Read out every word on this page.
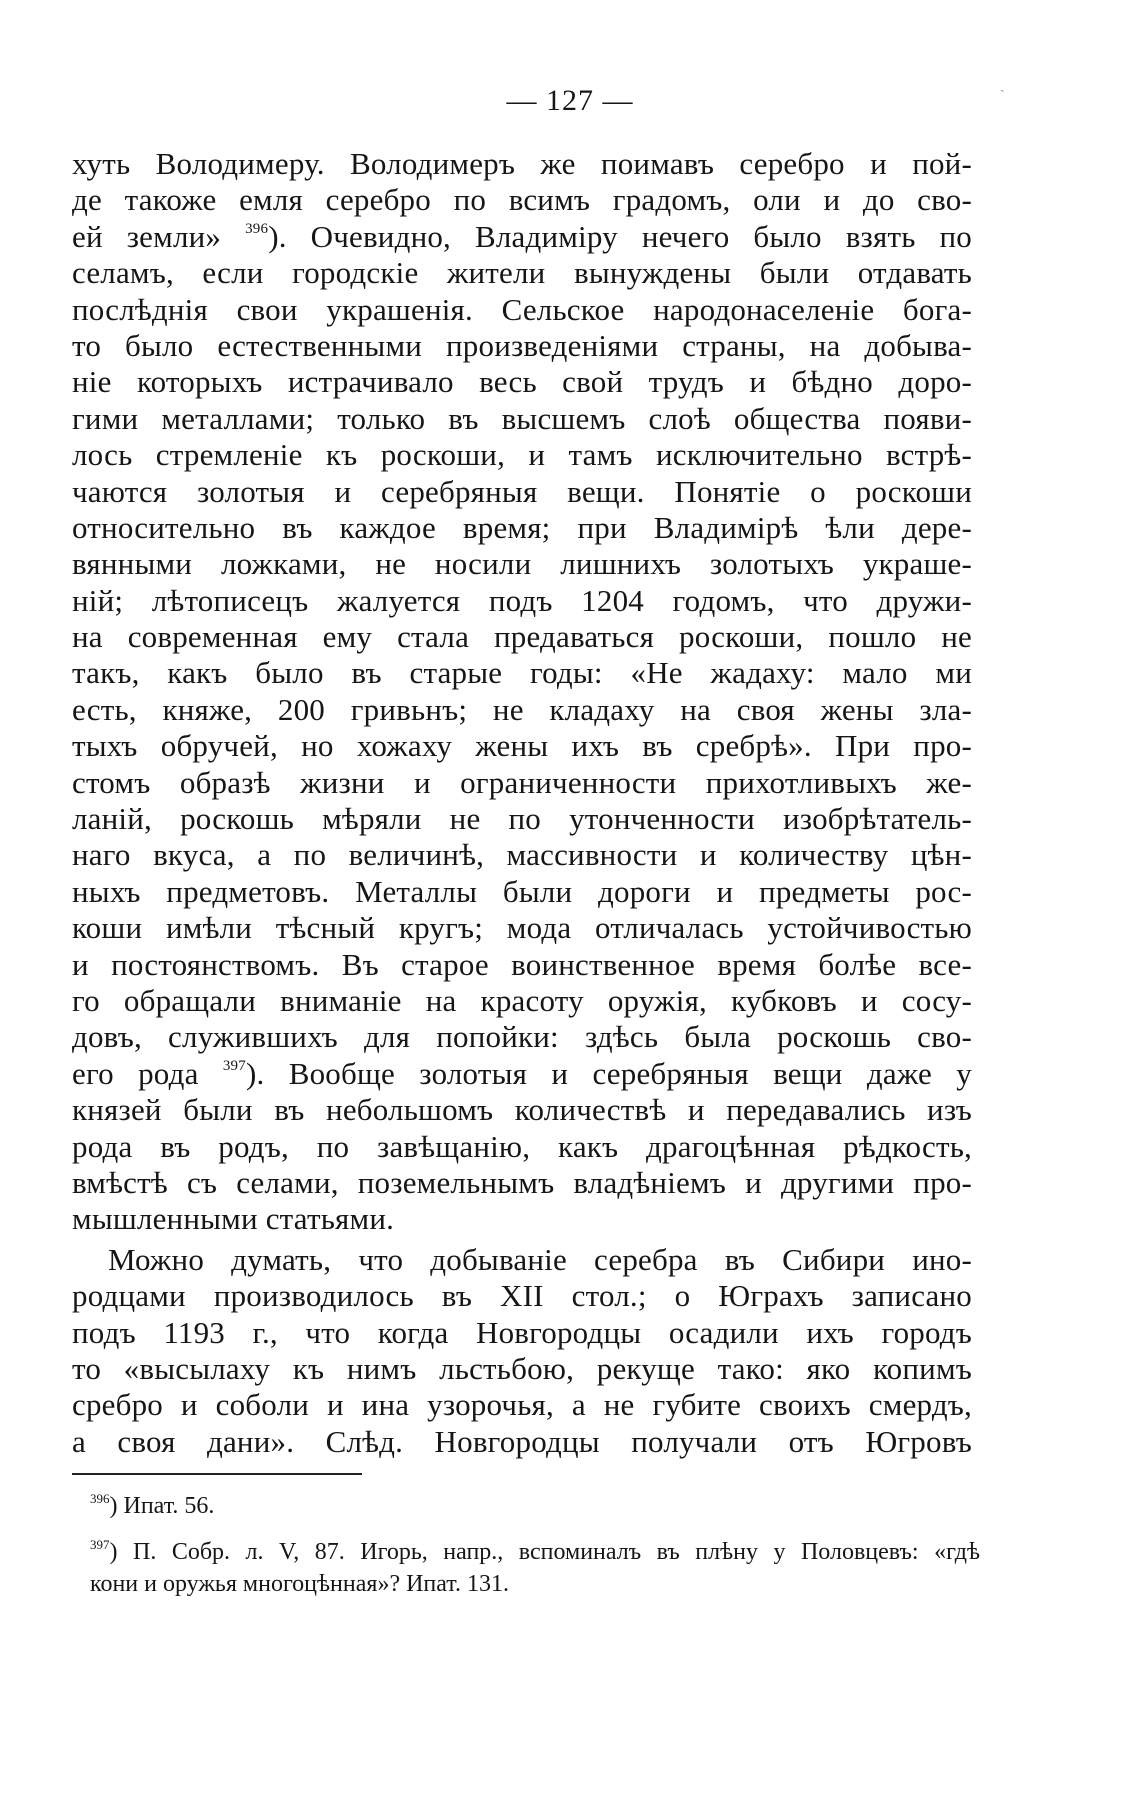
— 127 —
хуть Володимеру. Володимеръ же поимавъ серебро и пой-
де такоже емля серебро по всимъ градомъ, оли и до сво-
ей земли» $^{396}$). Очевидно, Владиміру нечего было взять по
селамъ, если городскіе жители вынуждены были отдавать
послѣднія свои украшенія. Сельское народонаселеніе бога-
то было естественными произведеніями страны, на добыва-
ніе которыхъ истрачивало весь свой трудъ и бѣдно доро-
гими металлами; только въ высшемъ слоѣ общества появи-
лось стремленіе къ роскоши, и тамъ исключительно встрѣ-
чаются золотыя и серебряныя вещи. Понятіе о роскоши
относительно въ каждое время; при Владимірѣ ѣли дере-
вянными ложками, не носили лишнихъ золотыхъ украше-
ній; лѣтописецъ жалуется подъ 1204 годомъ, что дружи-
на современная ему стала предаваться роскоши, пошло не
такъ, какъ было въ старые годы: «Не жадаху: мало ми
есть, княже, 200 гривьнъ; не кладаху на своя жены зла-
тыхъ обручей, но хожаху жены ихъ въ сребрѣ». При про-
стомъ образѣ жизни и ограниченности прихотливыхъ же-
ланій, роскошь мѣряли не по утонченности изобрѣтатель-
наго вкуса, а по величинѣ, массивности и количеству цѣн-
ныхъ предметовъ. Металлы были дороги и предметы рос-
коши имѣли тѣсный кругъ; мода отличалась устойчивостью
и постоянствомъ. Въ старое воинственное время болѣе все-
го обращали вниманіе на красоту оружія, кубковъ и сосу-
довъ, служившихъ для попойки: здѣсь была роскошь сво-
его рода $^{397}$). Вообще золотыя и серебряныя вещи даже у
князей были въ небольшомъ количествѣ и передавались изъ
рода въ родъ, по завѣщанію, какъ драгоцѣнная рѣдкость,
вмѣстѣ съ селами, поземельнымъ владѣніемъ и другими про-
мышленными статьями.
Можно думать, что добываніе серебра въ Сибири ино-
родцами производилось въ XII стол.; о Юграхъ записано
подъ 1193 г., что когда Новгородцы осадили ихъ городъ
то «высылаху къ нимъ льстьбою, рекуще тако: яко копимъ
сребро и соболи и ина узорочья, а не губите своихъ смердъ,
а своя дани». Слѣд. Новгородцы получали отъ Югровъ
$^{396}$) Ипат. 56.
$^{397}$) П. Собр. л. V, 87. Игорь, напр., вспоминалъ въ плѣну у Половцевъ: «гдѣ
кони и оружья многоцѣнная»? Ипат. 131.
ˏ
